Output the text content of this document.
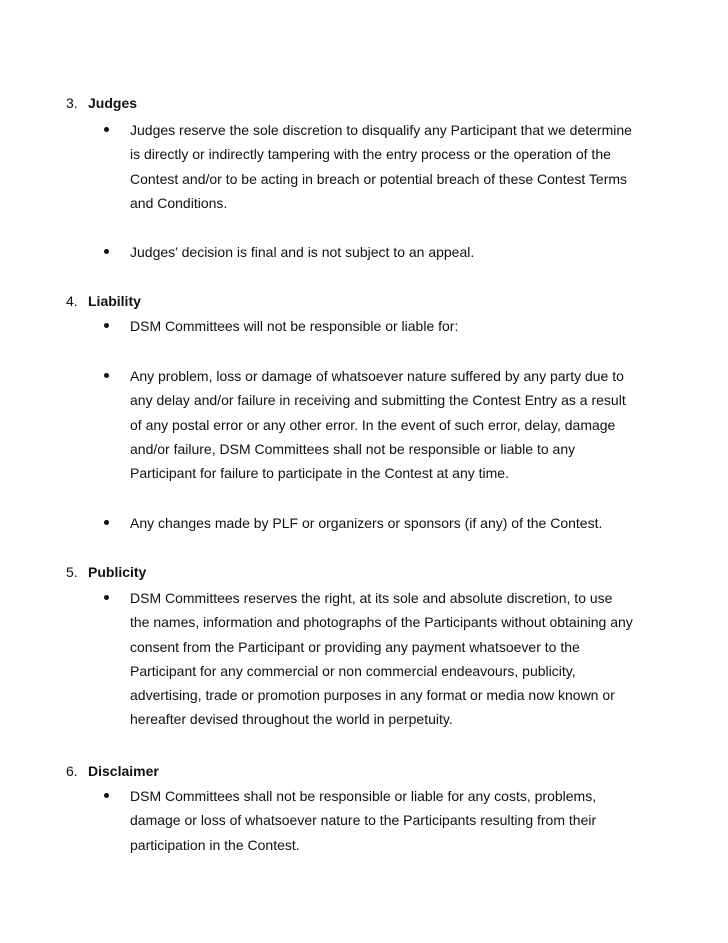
3. Judges
Judges reserve the sole discretion to disqualify any Participant that we determine
is directly or indirectly tampering with the entry process or the operation of the
Contest and/or to be acting in breach or potential breach of these Contest Terms
and Conditions.
Judges’ decision is final and is not subject to an appeal.
4. Liability
DSM Committees will not be responsible or liable for:
Any problem, loss or damage of whatsoever nature suffered by any party due to
any delay and/or failure in receiving and submitting the Contest Entry as a result
of any postal error or any other error. In the event of such error, delay, damage
and/or failure, DSM Committees shall not be responsible or liable to any
Participant for failure to participate in the Contest at any time.
Any changes made by PLF or organizers or sponsors (if any) of the Contest.
5. Publicity
DSM Committees reserves the right, at its sole and absolute discretion, to use
the names, information and photographs of the Participants without obtaining any
consent from the Participant or providing any payment whatsoever to the
Participant for any commercial or non commercial endeavours, publicity,
advertising, trade or promotion purposes in any format or media now known or
hereafter devised throughout the world in perpetuity.
6. Disclaimer
DSM Committees shall not be responsible or liable for any costs, problems,
damage or loss of whatsoever nature to the Participants resulting from their
participation in the Contest.
